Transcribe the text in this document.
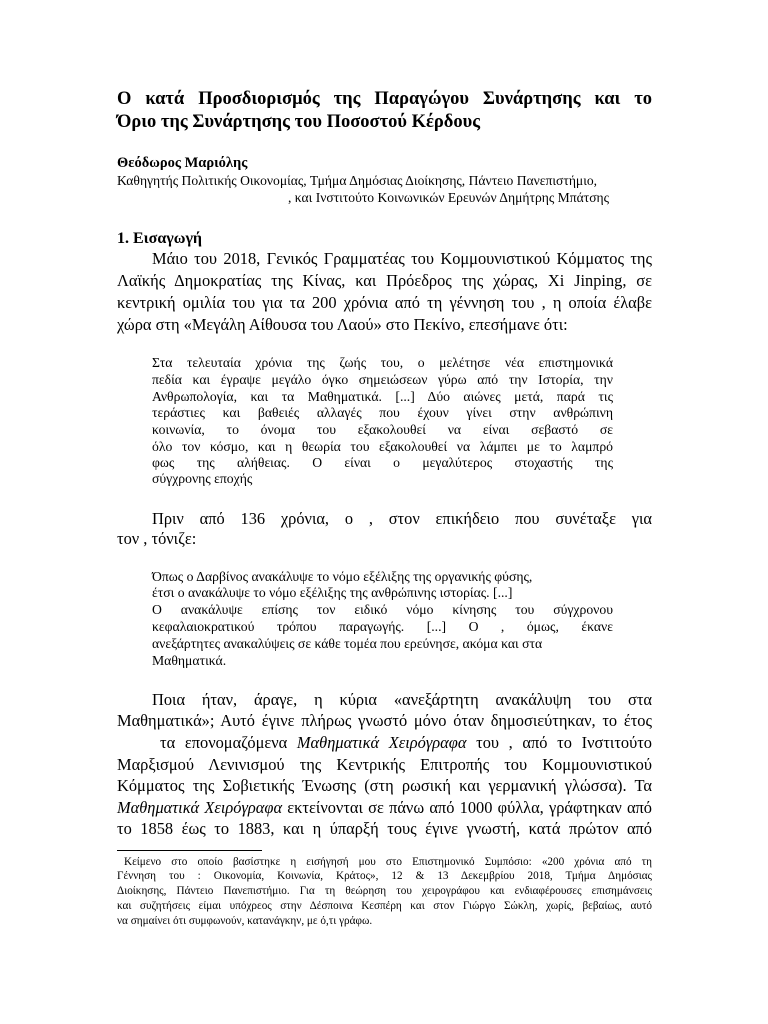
Ο κατά Προσδιορισμός της Παραγώγου Συνάρτησης και το
Όριο της Συνάρτησης του Ποσοστού Κέρδους
Θεόδωρος Μαριόλης
Καθηγητής Πολιτικής Οικονομίας, Τμήμα Δημόσιας Διοίκησης, Πάντειο Πανεπιστήμιο,
, και Ινστιτούτο Κοινωνικών Ερευνών Δημήτρης Μπάτσης
1. Εισαγωγή
Μάιο του 2018, Γενικός Γραμματέας του Κομμουνιστικού Κόμματος της
Λαϊκής Δημοκρατίας της Κίνας, και Πρόεδρος της χώρας, Xi Jinping, σε
κεντρική ομιλία του για τα 200 χρόνια από τη γέννηση του , η οποία έλαβε
χώρα στη «Μεγάλη Αίθουσα του Λαού» στο Πεκίνο, επεσήμανε ότι:
Στα τελευταία χρόνια της ζωής του, ο μελέτησε νέα επιστημονικά
πεδία και έγραψε μεγάλο όγκο σημειώσεων γύρω από την Ιστορία, την
Ανθρωπολογία, και τα Μαθηματικά. [...] Δύο αιώνες μετά, παρά τις
τεράστιες και βαθειές αλλαγές που έχουν γίνει στην ανθρώπινη
κοινωνία, το όνομα του εξακολουθεί να είναι σεβαστό σε
όλο τον κόσμο, και η θεωρία του εξακολουθεί να λάμπει με το λαμπρό
φως της αλήθειας. Ο είναι ο μεγαλύτερος στοχαστής της
σύγχρονης εποχής
Πριν από 136 χρόνια, ο , στον επικήδειο που συνέταξε για
τον , τόνιζε:
Όπως ο Δαρβίνος ανακάλυψε το νόμο εξέλιξης της οργανικής φύσης,
έτσι ο ανακάλυψε το νόμο εξέλιξης της ανθρώπινης ιστορίας. [...]
Ο ανακάλυψε επίσης τον ειδικό νόμο κίνησης του σύγχρονου
κεφαλαιοκρατικού τρόπου παραγωγής. [...] Ο , όμως, έκανε
ανεξάρτητες ανακαλύψεις σε κάθε τομέα που ερεύνησε, ακόμα και στα
Μαθηματικά.
Ποια ήταν, άραγε, η κύρια «ανεξάρτητη ανακάλυψη του στα
Μαθηματικά»; Αυτό έγινε πλήρως γνωστό μόνο όταν δημοσιεύτηκαν, το έτος
τα επονομαζόμενα Μαθηματικά Χειρόγραφα του , από το Ινστιτούτο
Μαρξισμού Λενινισμού της Κεντρικής Επιτροπής του Κομμουνιστικού
Κόμματος της Σοβιετικής Ένωσης (στη ρωσική και γερμανική γλώσσα). Τα
Μαθηματικά Χειρόγραφα εκτείνονται σε πάνω από 1000 φύλλα, γράφτηκαν από
το 1858 έως το 1883, και η ύπαρξή τους έγινε γνωστή, κατά πρώτον από
Κείμενο στο οποίο βασίστηκε η εισήγησή μου στο Επιστημονικό Συμπόσιο: «200 χρόνια από τη
Γέννηση του : Οικονομία, Κοινωνία, Κράτος», 12 & 13 Δεκεμβρίου 2018, Τμήμα Δημόσιας
Διοίκησης, Πάντειο Πανεπιστήμιο. Για τη θεώρηση του χειρογράφου και ενδιαφέρουσες επισημάνσεις
και συζητήσεις είμαι υπόχρεος στην Δέσποινα Κεσπέρη και στον Γιώργο Σώκλη, χωρίς, βεβαίως, αυτό
να σημαίνει ότι συμφωνούν, κατανάγκην, με ό,τι γράφω.
